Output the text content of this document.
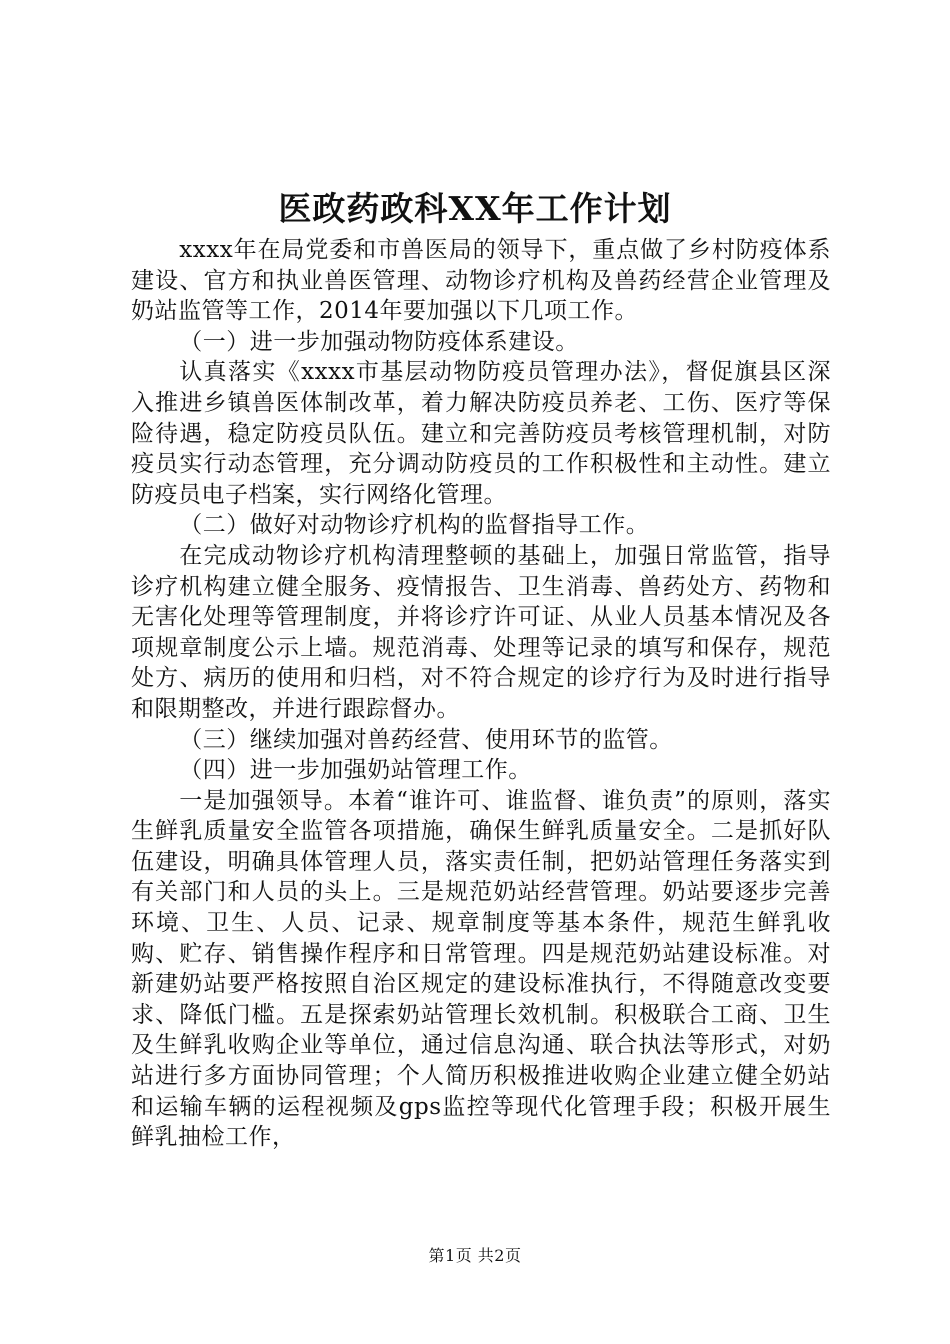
医政药政科XX年工作计划

xxxx年在局党委和市兽医局的领导下，重点做了乡村防疫体系建设、官方和执业兽医管理、动物诊疗机构及兽药经营企业管理及奶站监管等工作，2014年要加强以下几项工作。

（一）进一步加强动物防疫体系建设。

认真落实《xxxx市基层动物防疫员管理办法》，督促旗县区深入推进乡镇兽医体制改革，着力解决防疫员养老、工伤、医疗等保险待遇，稳定防疫员队伍。建立和完善防疫员考核管理机制，对防疫员实行动态管理，充分调动防疫员的工作积极性和主动性。建立防疫员电子档案，实行网络化管理。

（二）做好对动物诊疗机构的监督指导工作。

在完成动物诊疗机构清理整顿的基础上，加强日常监管，指导诊疗机构建立健全服务、疫情报告、卫生消毒、兽药处方、药物和无害化处理等管理制度，并将诊疗许可证、从业人员基本情况及各项规章制度公示上墙。规范消毒、处理等记录的填写和保存，规范处方、病历的使用和归档，对不符合规定的诊疗行为及时进行指导和限期整改，并进行跟踪督办。

（三）继续加强对兽药经营、使用环节的监管。

（四）进一步加强奶站管理工作。

一是加强领导。本着“谁许可、谁监督、谁负责”的原则，落实生鲜乳质量安全监管各项措施，确保生鲜乳质量安全。二是抓好队伍建设，明确具体管理人员，落实责任制，把奶站管理任务落实到有关部门和人员的头上。三是规范奶站经营管理。奶站要逐步完善环境、卫生、人员、记录、规章制度等基本条件，规范生鲜乳收购、贮存、销售操作程序和日常管理。四是规范奶站建设标准。对新建奶站要严格按照自治区规定的建设标准执行，不得随意改变要求、降低门槛。五是探索奶站管理长效机制。积极联合工商、卫生及生鲜乳收购企业等单位，通过信息沟通、联合执法等形式，对奶站进行多方面协同管理；个人简历积极推进收购企业建立健全奶站和运输车辆的运程视频及gps监控等现代化管理手段；积极开展生鲜乳抽检工作，

第1页 共2页
